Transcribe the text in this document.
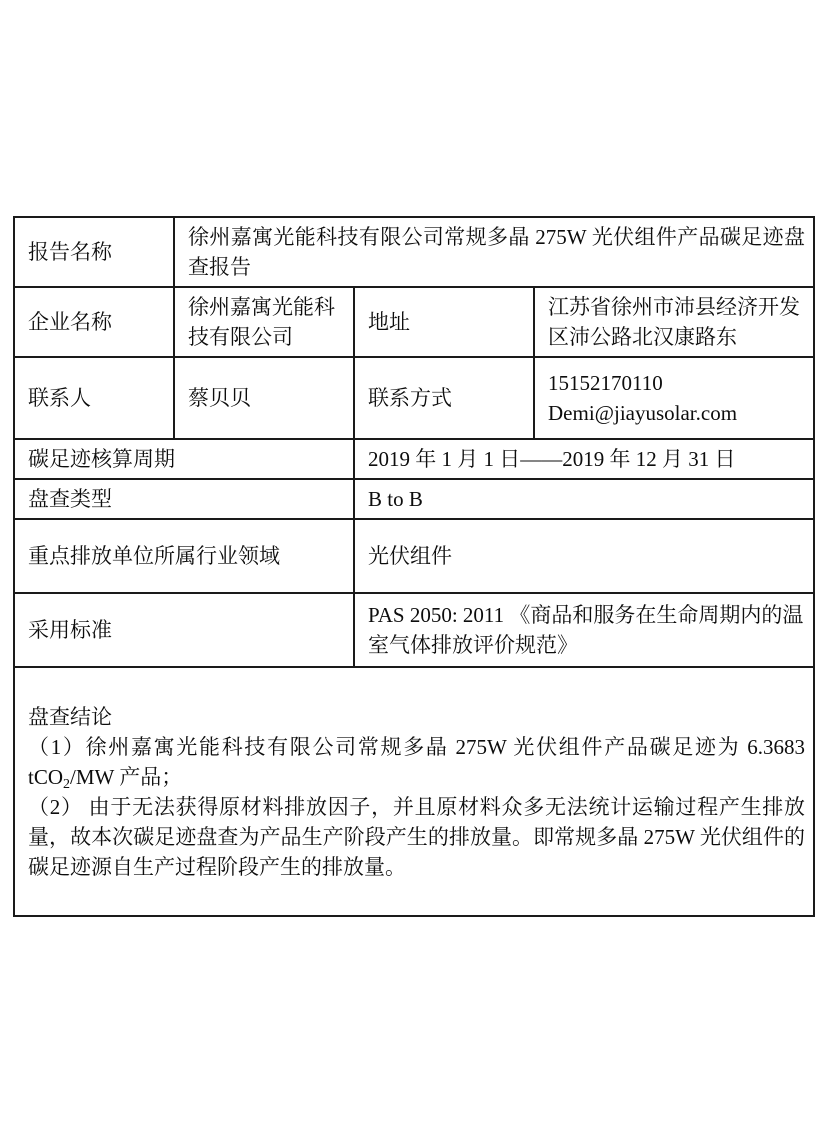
报告名称	徐州嘉寓光能科技有限公司常规多晶 275W 光伏组件产品碳足迹盘查报告		
企业名称	徐州嘉寓光能科技有限公司	地址	江苏省徐州市沛县经济开发区沛公路北汉康路东
联系人	蔡贝贝	联系方式	15152170110
Demi@jiayusolar.com

碳足迹核算周期		2019 年 1 月 1 日——2019 年 12 月 31 日	
盘查类型		B to B	
重点排放单位所属行业领域		光伏组件	
采用标准		PAS 2050: 2011 《商品和服务在生命周期内的温室气体排放评价规范》	

盘查结论

（1）徐州嘉寓光能科技有限公司常规多晶 275W 光伏组件产品碳足迹为 6.3683 tCO$_2$/MW 产品；

（2） 由于无法获得原材料排放因子，并且原材料众多无法统计运输过程产生排放量，故本次碳足迹盘查为产品生产阶段产生的排放量。即常规多晶 275W 光伏组件的碳足迹源自生产过程阶段产生的排放量。			
